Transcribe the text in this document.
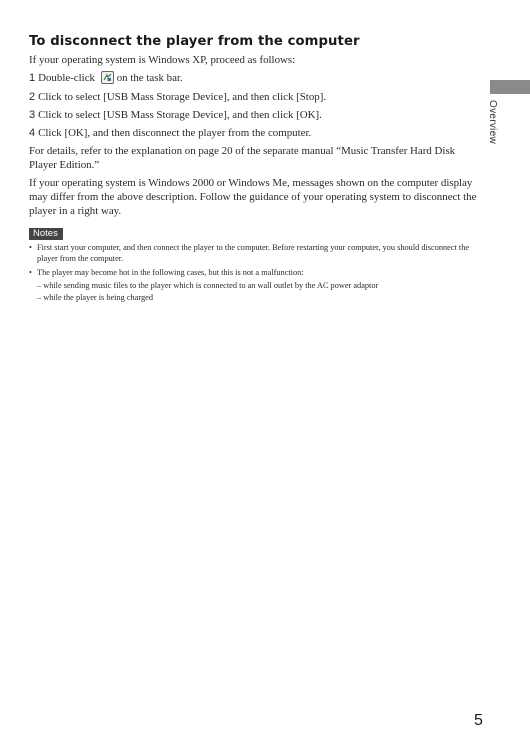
To disconnect the player from the computer
If your operating system is Windows XP, proceed as follows:
1 Double-click on the task bar.
2 Click to select [USB Mass Storage Device], and then click [Stop].
3 Click to select [USB Mass Storage Device], and then click [OK].
4 Click [OK], and then disconnect the player from the computer.
For details, refer to the explanation on page 20 of the separate manual “Music Transfer Hard Disk Player Edition.”
If your operating system is Windows 2000 or Windows Me, messages shown on the computer display may differ from the above description. Follow the guidance of your operating system to disconnect the player in a right way.
Notes
• First start your computer, and then connect the player to the computer. Before restarting your computer, you should disconnect the player from the computer.
• The player may become hot in the following cases, but this is not a malfunction:
– while sending music files to the player which is connected to an wall outlet by the AC power adaptor
– while the player is being charged
Overview
5
